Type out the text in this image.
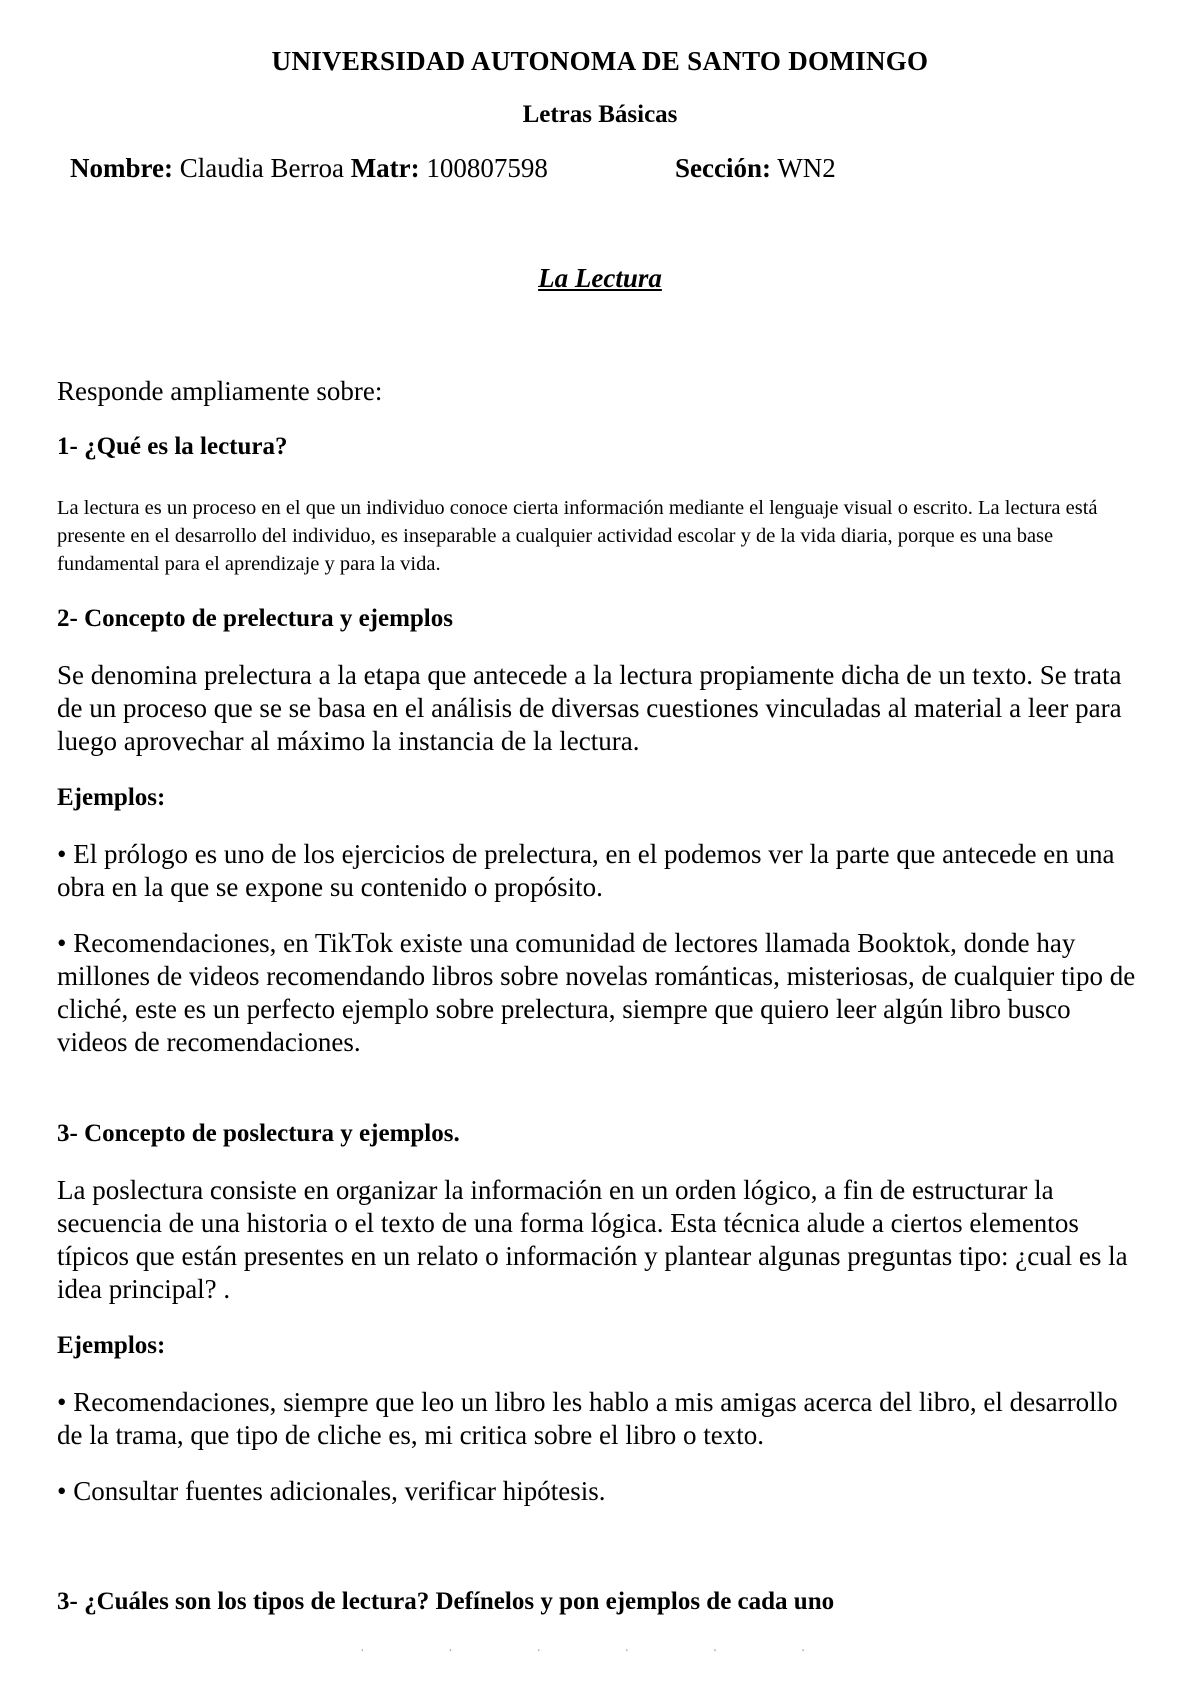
UNIVERSIDAD AUTONOMA DE SANTO DOMINGO

Letras Básicas

Nombre: Claudia Berroa Matr: 100807598	Sección: WN2

La Lectura

Responde ampliamente sobre:

1- ¿Qué es la lectura?

La lectura es un proceso en el que un individuo conoce cierta información mediante el lenguaje visual o escrito. La lectura está presente en el desarrollo del individuo, es inseparable a cualquier actividad escolar y de la vida diaria, porque es una base fundamental para el aprendizaje y para la vida.

2- Concepto de prelectura y ejemplos

Se denomina prelectura a la etapa que antecede a la lectura propiamente dicha de un texto. Se trata de un proceso que se se basa en el análisis de diversas cuestiones vinculadas al material a leer para luego aprovechar al máximo la instancia de la lectura.

Ejemplos:

• El prólogo es uno de los ejercicios de prelectura, en el podemos ver la parte que antecede en una obra en la que se expone su contenido o propósito.

• Recomendaciones, en TikTok existe una comunidad de lectores llamada Booktok, donde hay millones de videos recomendando libros sobre novelas románticas, misteriosas, de cualquier tipo de cliché, este es un perfecto ejemplo sobre prelectura, siempre que quiero leer algún libro busco videos de recomendaciones.

3- Concepto de poslectura y ejemplos.

La poslectura consiste en organizar la información en un orden lógico, a fin de estructurar la secuencia de una historia o el texto de una forma lógica. Esta técnica alude a ciertos elementos típicos que están presentes en un relato o información y plantear algunas preguntas tipo: ¿cual es la idea principal? .

Ejemplos:

• Recomendaciones, siempre que leo un libro les hablo a mis amigas acerca del libro, el desarrollo de la trama, que tipo de cliche es, mi critica sobre el libro o texto.

• Consultar fuentes adicionales, verificar hipótesis.

3- ¿Cuáles son los tipos de lectura? Defínelos y pon ejemplos de cada uno

· · · · · ·
